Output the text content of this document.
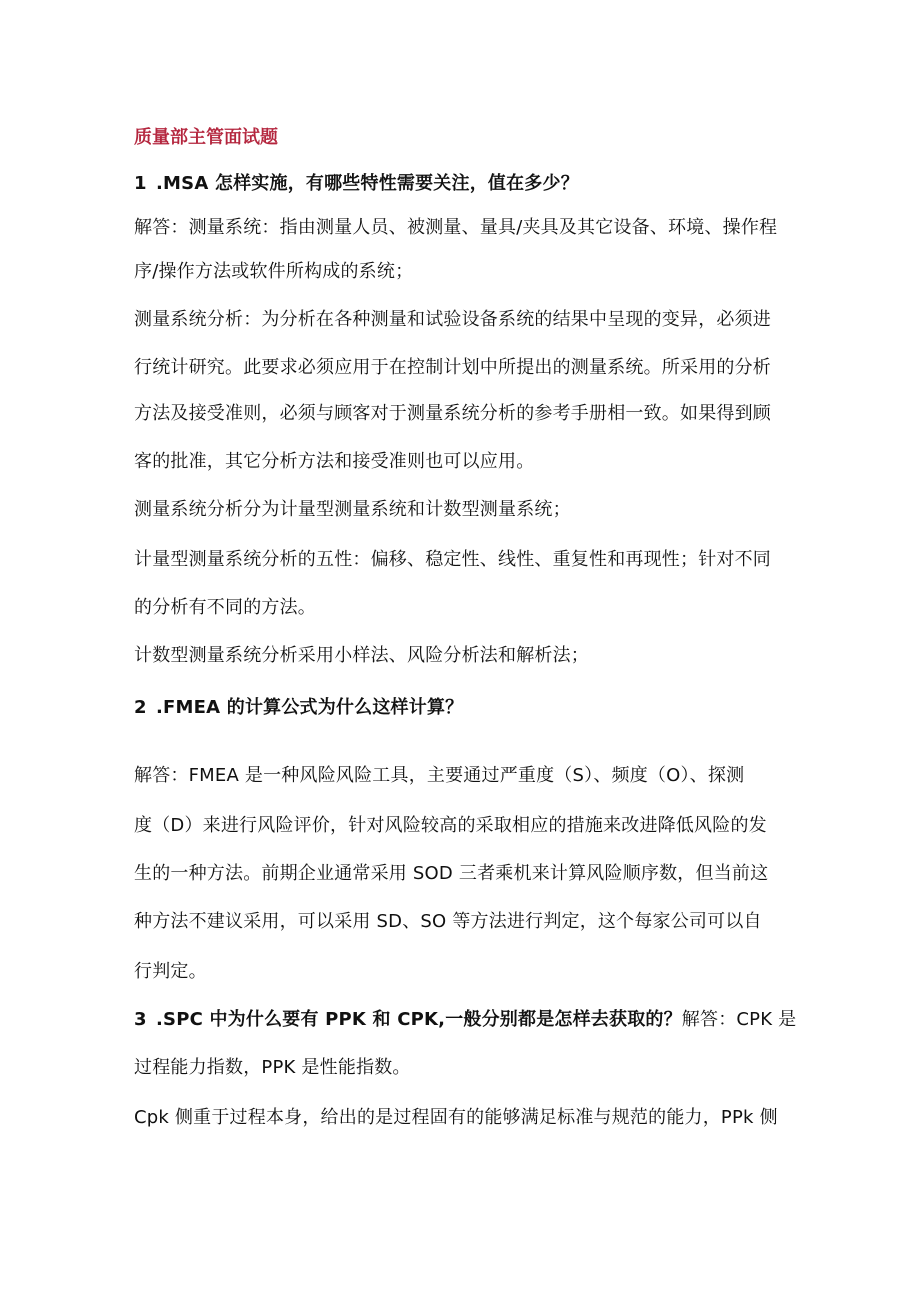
质量部主管面试题
1 .MSA 怎样实施，有哪些特性需要关注，值在多少？
解答：测量系统：指由测量人员、被测量、量具/夹具及其它设备、环境、操作程
序/操作方法或软件所构成的系统；
测量系统分析：为分析在各种测量和试验设备系统的结果中呈现的变异，必须进
行统计研究。此要求必须应用于在控制计划中所提出的测量系统。所采用的分析
方法及接受准则，必须与顾客对于测量系统分析的参考手册相一致。如果得到顾
客的批准，其它分析方法和接受准则也可以应用。
测量系统分析分为计量型测量系统和计数型测量系统；
计量型测量系统分析的五性：偏移、稳定性、线性、重复性和再现性；针对不同
的分析有不同的方法。
计数型测量系统分析采用小样法、风险分析法和解析法；
2 .FMEA 的计算公式为什么这样计算？
解答：FMEA 是一种风险风险工具，主要通过严重度（S）、频度（O）、探测
度（D）来进行风险评价，针对风险较高的采取相应的措施来改进降低风险的发
生的一种方法。前期企业通常采用 SOD 三者乘机来计算风险顺序数，但当前这
种方法不建议采用，可以采用 SD、SO 等方法进行判定，这个每家公司可以自
行判定。
3 .SPC 中为什么要有 PPK 和 CPK,一般分别都是怎样去获取的？解答：CPK 是
过程能力指数，PPK 是性能指数。
Cpk 侧重于过程本身，给出的是过程固有的能够满足标准与规范的能力，PPk 侧
